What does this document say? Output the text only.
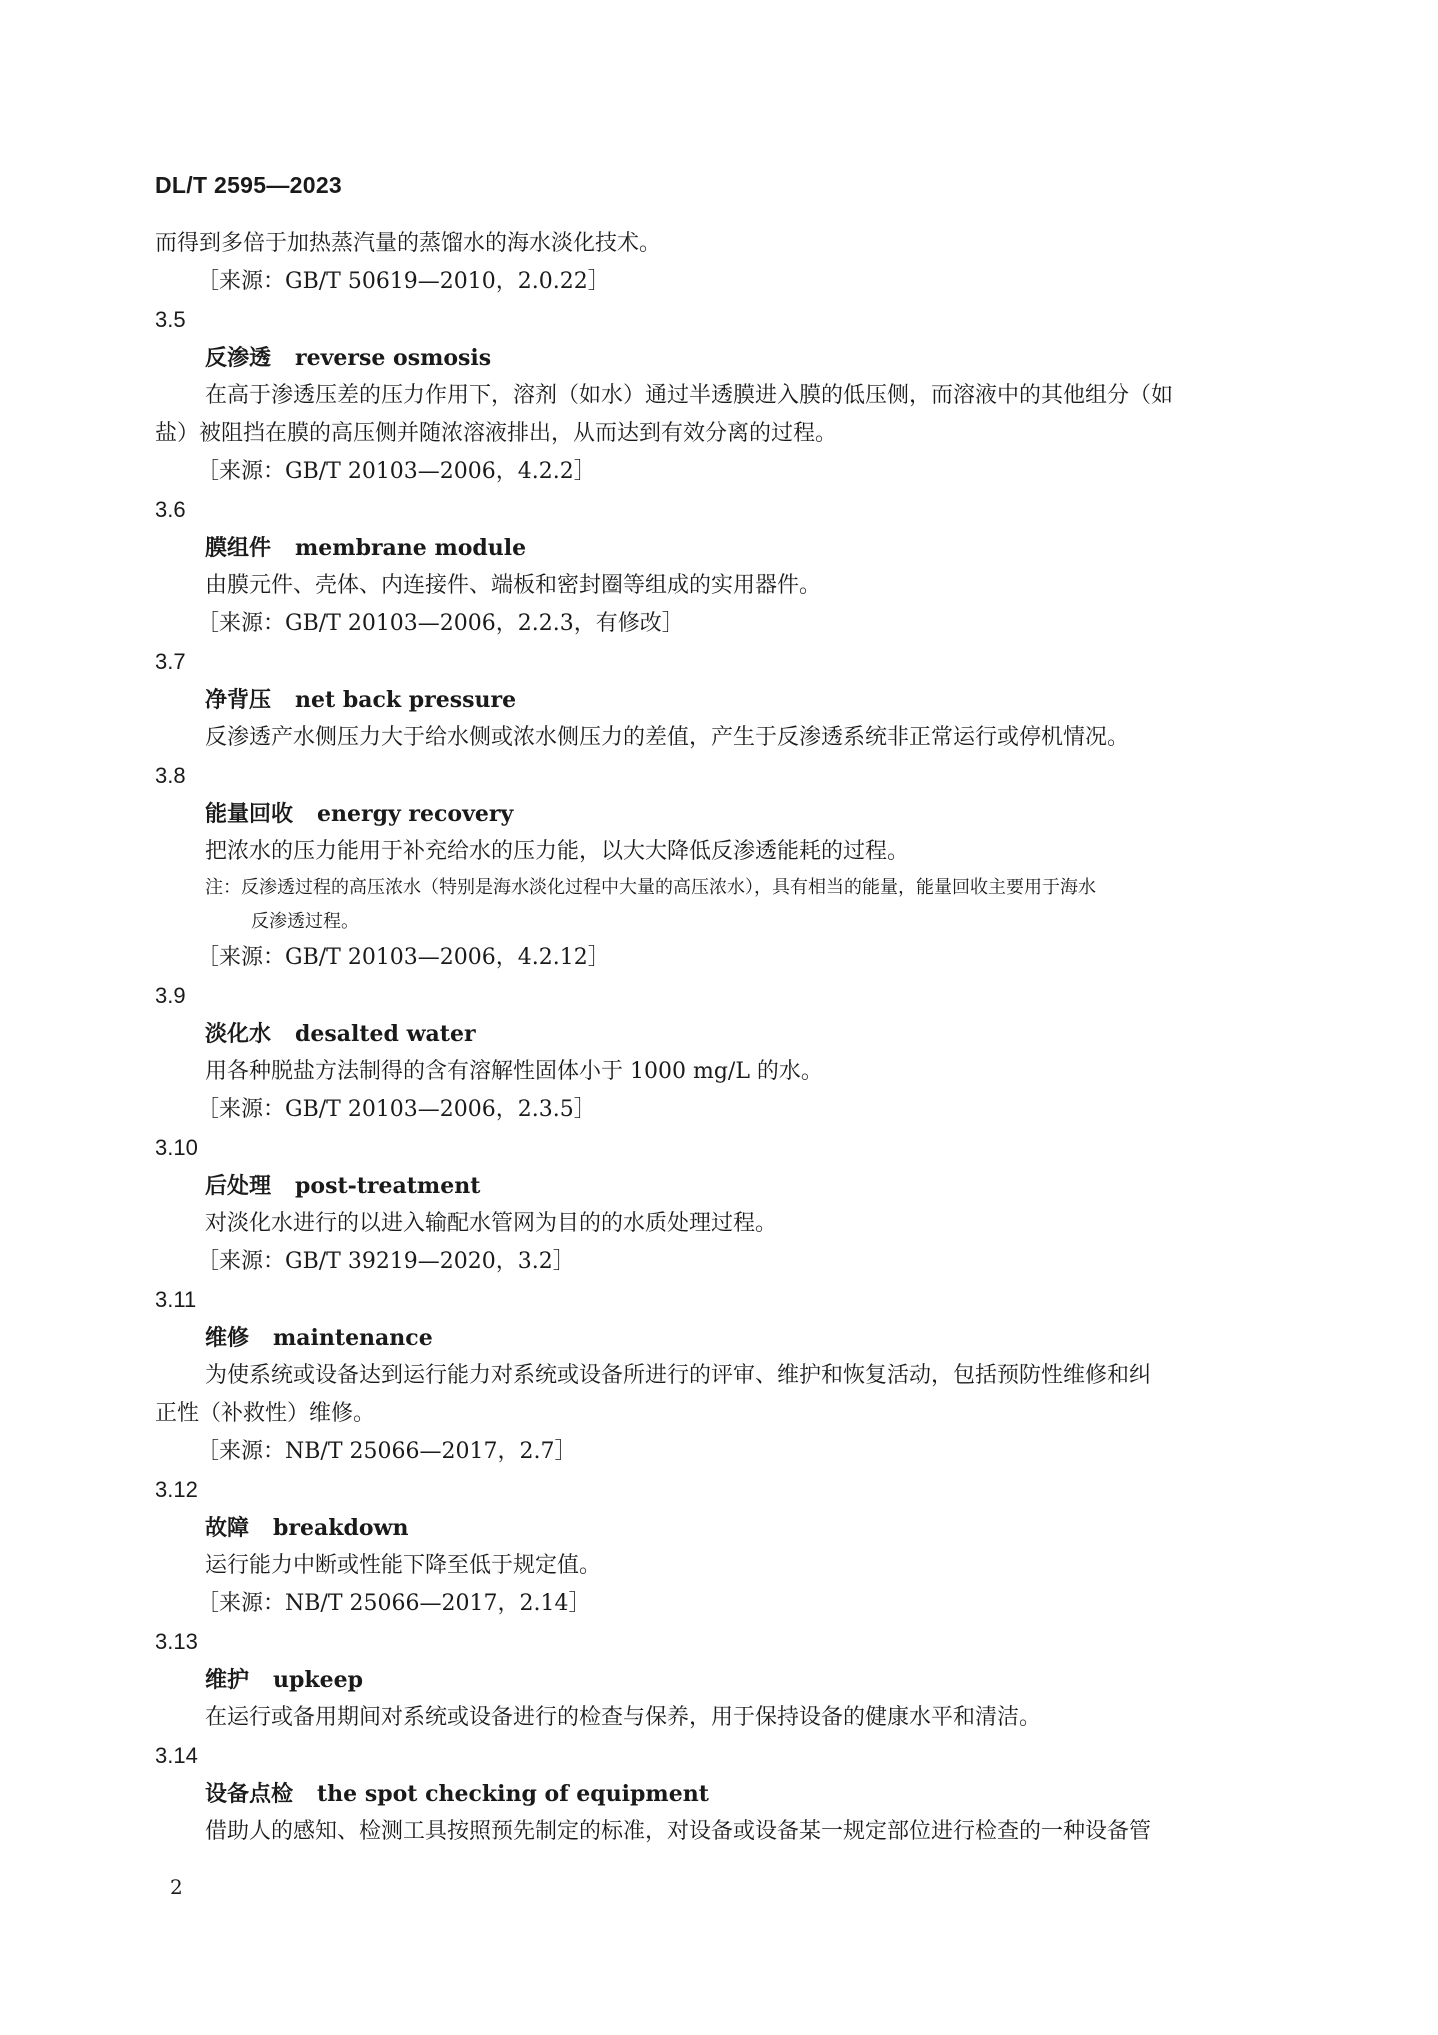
DL/T 2595—2023
而得到多倍于加热蒸汽量的蒸馏水的海水淡化技术。
［来源：GB/T 50619—2010，2.0.22］
3.5
反渗透 reverse osmosis
在高于渗透压差的压力作用下，溶剂（如水）通过半透膜进入膜的低压侧，而溶液中的其他组分（如
盐）被阻挡在膜的高压侧并随浓溶液排出，从而达到有效分离的过程。
［来源：GB/T 20103—2006，4.2.2］
3.6
膜组件 membrane module
由膜元件、壳体、内连接件、端板和密封圈等组成的实用器件。
［来源：GB/T 20103—2006，2.2.3，有修改］
3.7
净背压 net back pressure
反渗透产水侧压力大于给水侧或浓水侧压力的差值，产生于反渗透系统非正常运行或停机情况。
3.8
能量回收 energy recovery
把浓水的压力能用于补充给水的压力能，以大大降低反渗透能耗的过程。
注：反渗透过程的高压浓水（特别是海水淡化过程中大量的高压浓水），具有相当的能量，能量回收主要用于海水
反渗透过程。
［来源：GB/T 20103—2006，4.2.12］
3.9
淡化水 desalted water
用各种脱盐方法制得的含有溶解性固体小于 1000 mg/L 的水。
［来源：GB/T 20103—2006，2.3.5］
3.10
后处理 post-treatment
对淡化水进行的以进入输配水管网为目的的水质处理过程。
［来源：GB/T 39219—2020，3.2］
3.11
维修 maintenance
为使系统或设备达到运行能力对系统或设备所进行的评审、维护和恢复活动，包括预防性维修和纠
正性（补救性）维修。
［来源：NB/T 25066—2017，2.7］
3.12
故障 breakdown
运行能力中断或性能下降至低于规定值。
［来源：NB/T 25066—2017，2.14］
3.13
维护 upkeep
在运行或备用期间对系统或设备进行的检查与保养，用于保持设备的健康水平和清洁。
3.14
设备点检 the spot checking of equipment
借助人的感知、检测工具按照预先制定的标准，对设备或设备某一规定部位进行检查的一种设备管
2
